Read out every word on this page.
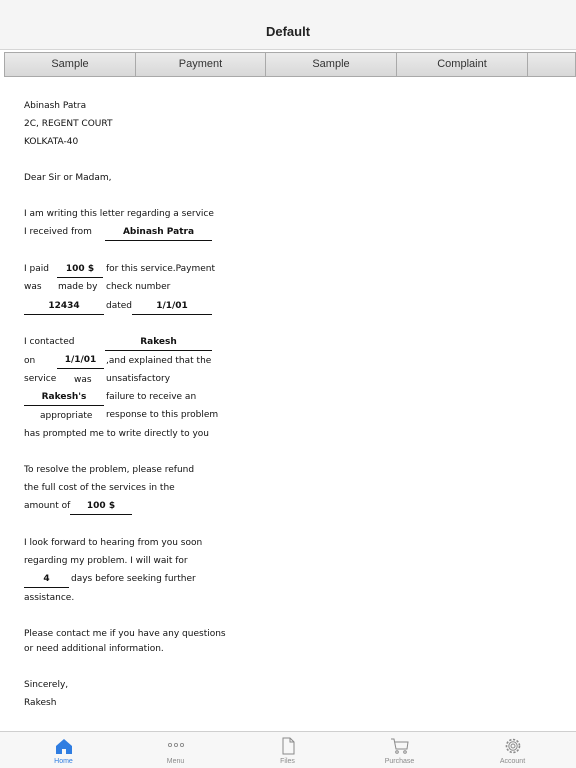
Default
Sample	Payment	Sample	Complaint
Abinash Patra
2C, REGENT COURT
KOLKATA-40
Dear Sir or Madam,
I am writing this letter regarding a service
I received from	Abinash Patra
I paid	100 $	for this service.Payment
was made by check number
12434	dated	1/1/01
I contacted	Rakesh
on	1/1/01	,and explained that the
service was unsatisfactory
Rakesh's	failure to receive an
appropriate response to this problem
has prompted me to write directly to you
To resolve the problem, please refund
the full cost of the services in the
amount of	100 $
I look forward to hearing from you soon
regarding my problem. I will wait for
4	days before seeking further
assistance.
Please contact me if you have any questions
or need additional information.
Sincerely,
Rakesh
Home	Menu	Files	Purchase	Account
